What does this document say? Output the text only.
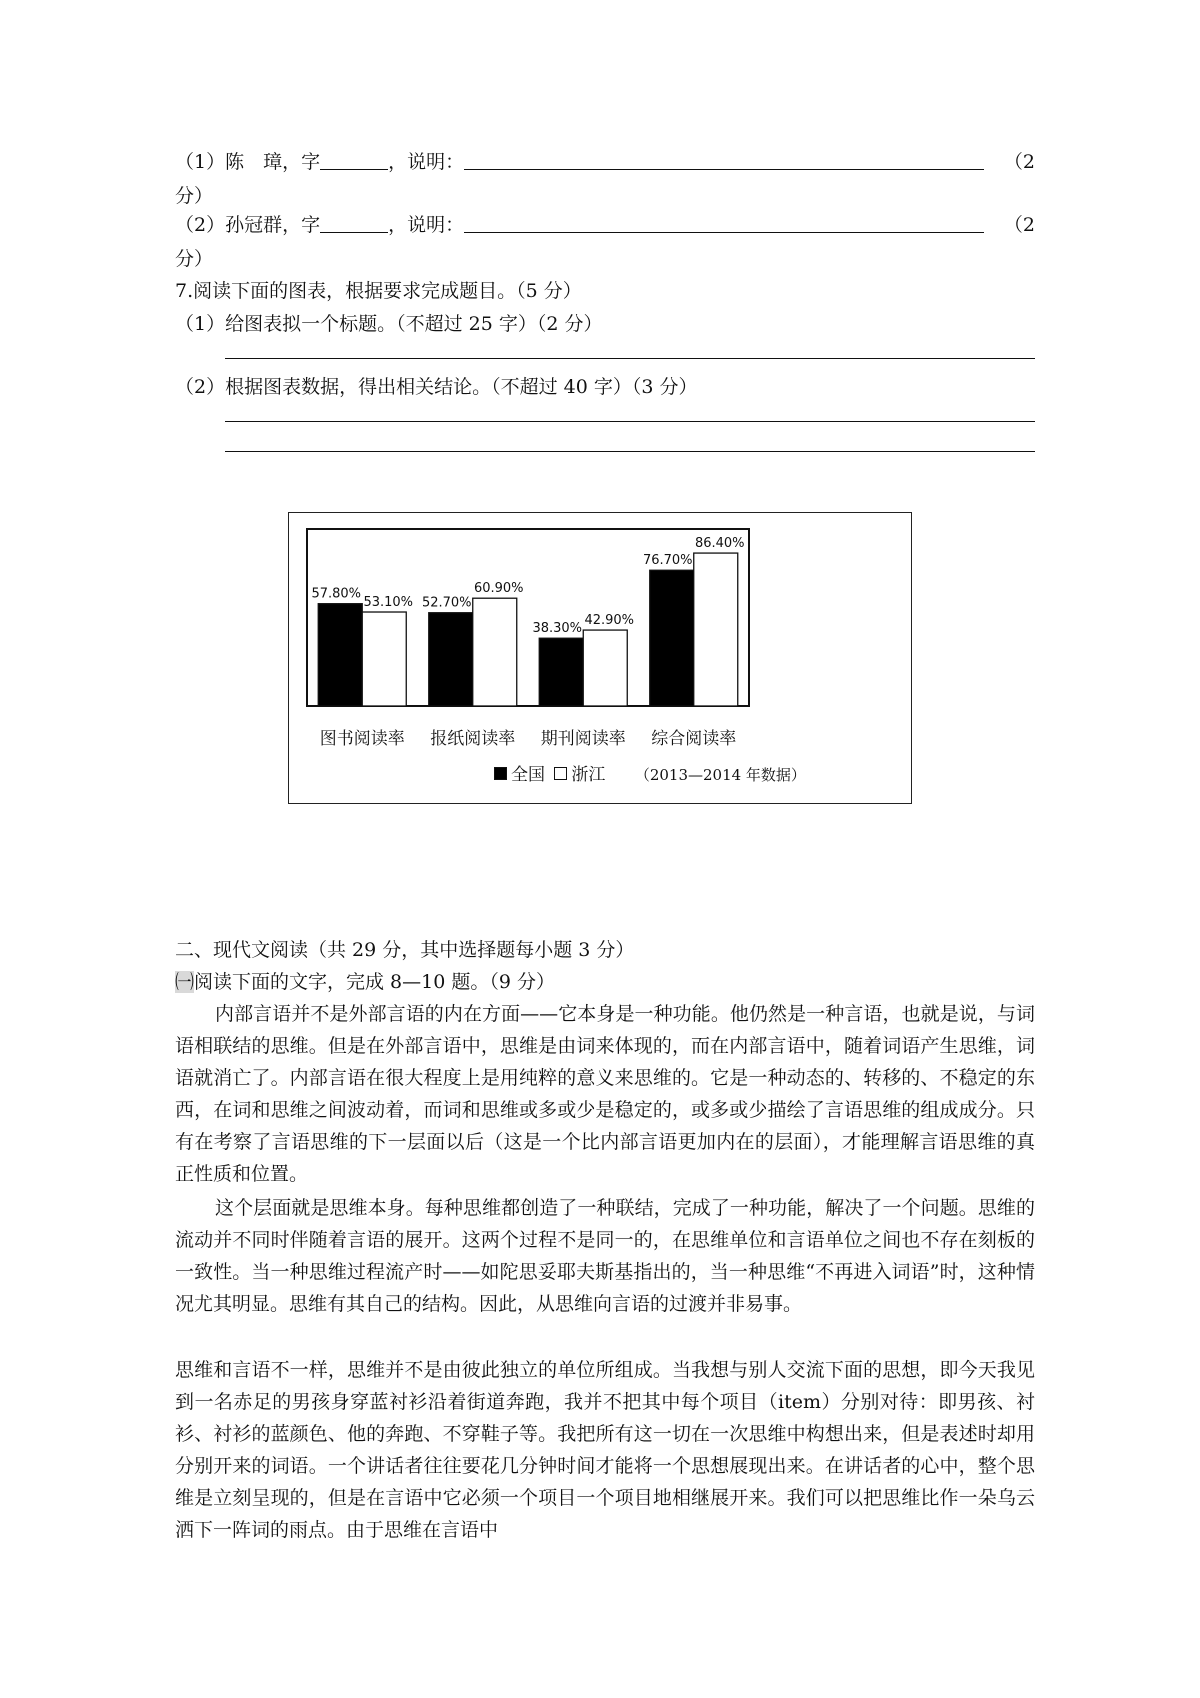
（1）陈　璋，字	，说明：	（2
分）
（2）孙冠群，字	，说明：	（2
分）
7.阅读下面的图表，根据要求完成题目。（5 分）
（1）给图表拟一个标题。（不超过 25 字）（2 分）
（2）根据图表数据，得出相关结论。（不超过 40 字）（3 分）
57.80%
53.10%
图书阅读率
52.70%
60.90%
报纸阅读率
38.30%
42.90%
期刊阅读率
76.70%
86.40%
综合阅读率
全国 浙江 （2013—2014 年数据）
二、现代文阅读（共 29 分，其中选择题每小题 3 分）
㈠阅读下面的文字，完成 8—10 题。（9 分）
内部言语并不是外部言语的内在方面——它本身是一种功能。他仍然是一种言语，也就是说，与词语相联结的思维。但是在外部言语中，思维是由词来体现的，而在内部言语中，随着词语产生思维，词语就消亡了。内部言语在很大程度上是用纯粹的意义来思维的。它是一种动态的、转移的、不稳定的东西，在词和思维之间波动着，而词和思维或多或少是稳定的，或多或少描绘了言语思维的组成成分。只有在考察了言语思维的下一层面以后（这是一个比内部言语更加内在的层面），才能理解言语思维的真正性质和位置。
这个层面就是思维本身。每种思维都创造了一种联结，完成了一种功能，解决了一个问题。思维的流动并不同时伴随着言语的展开。这两个过程不是同一的，在思维单位和言语单位之间也不存在刻板的一致性。当一种思维过程流产时——如陀思妥耶夫斯基指出的，当一种思维“不再进入词语”时，这种情况尤其明显。思维有其自己的结构。因此，从思维向言语的过渡并非易事。
思维和言语不一样，思维并不是由彼此独立的单位所组成。当我想与别人交流下面的思想，即今天我见到一名赤足的男孩身穿蓝衬衫沿着街道奔跑，我并不把其中每个项目（item）分别对待：即男孩、衬衫、衬衫的蓝颜色、他的奔跑、不穿鞋子等。我把所有这一切在一次思维中构想出来，但是表述时却用分别开来的词语。一个讲话者往往要花几分钟时间才能将一个思想展现出来。在讲话者的心中，整个思维是立刻呈现的，但是在言语中它必须一个项目一个项目地相继展开来。我们可以把思维比作一朵乌云洒下一阵词的雨点。由于思维在言语中
